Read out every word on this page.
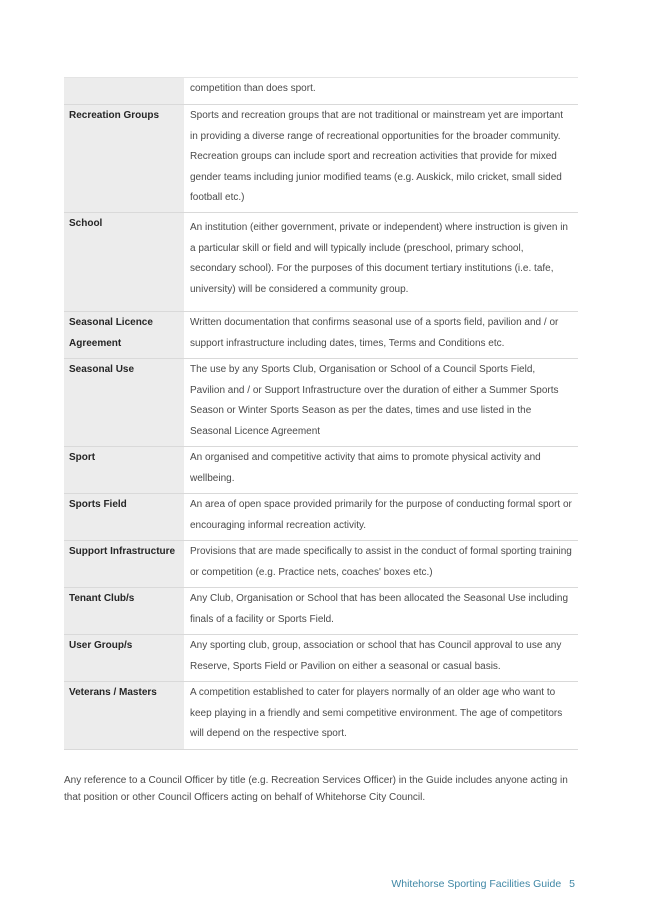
	competition than does sport.
Recreation Groups	Sports and recreation groups that are not traditional or mainstream yet are important in providing a diverse range of recreational opportunities for the broader community. Recreation groups can include sport and recreation activities that provide for mixed gender teams including junior modified teams (e.g. Auskick, milo cricket, small sided football etc.)
School	An institution (either government, private or independent) where instruction is given in a particular skill or field and will typically include (preschool, primary school, secondary school). For the purposes of this document tertiary institutions (i.e. tafe, university) will be considered a community group.
Seasonal Licence Agreement	Written documentation that confirms seasonal use of a sports field, pavilion and / or support infrastructure including dates, times, Terms and Conditions etc.
Seasonal Use	The use by any Sports Club, Organisation or School of a Council Sports Field, Pavilion and / or Support Infrastructure over the duration of either a Summer Sports Season or Winter Sports Season as per the dates, times and use listed in the Seasonal Licence Agreement
Sport	An organised and competitive activity that aims to promote physical activity and wellbeing.
Sports Field	An area of open space provided primarily for the purpose of conducting formal sport or encouraging informal recreation activity.
Support Infrastructure	Provisions that are made specifically to assist in the conduct of formal sporting training or competition (e.g. Practice nets, coaches' boxes etc.)
Tenant Club/s	Any Club, Organisation or School that has been allocated the Seasonal Use including finals of a facility or Sports Field.
User Group/s	Any sporting club, group, association or school that has Council approval to use any Reserve, Sports Field or Pavilion on either a seasonal or casual basis.
Veterans / Masters	A competition established to cater for players normally of an older age who want to keep playing in a friendly and semi competitive environment. The age of competitors will depend on the respective sport.
Any reference to a Council Officer by title (e.g. Recreation Services Officer) in the Guide includes anyone acting in that position or other Council Officers acting on behalf of Whitehorse City Council.
Whitehorse Sporting Facilities Guide 5
